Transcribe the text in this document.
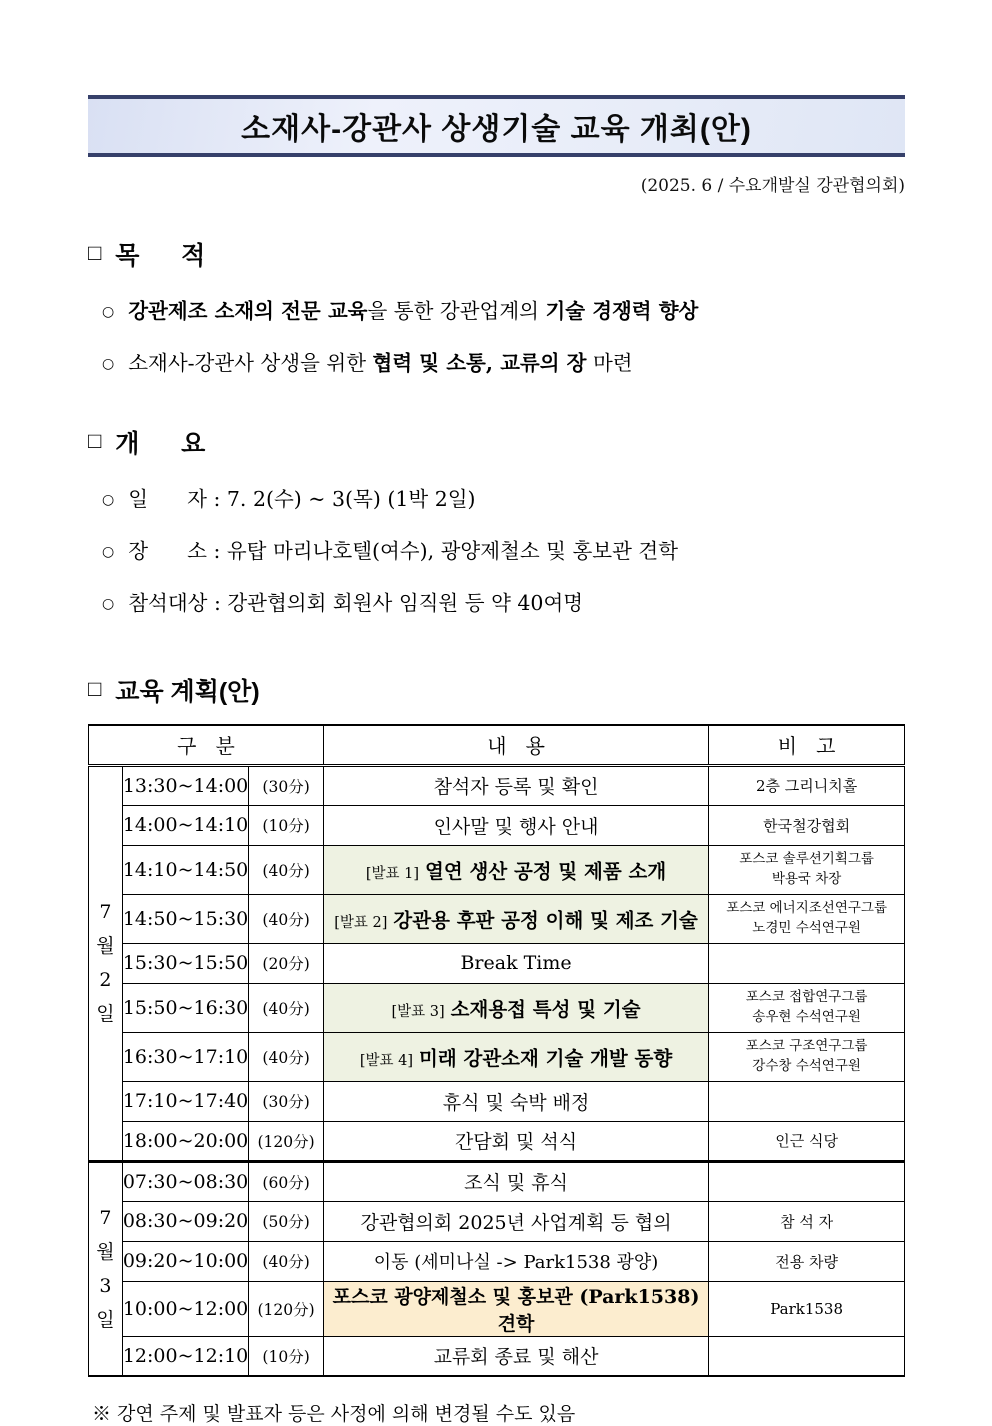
소재사-강관사 상생기술 교육 개최(안)
(2025. 6 / 수요개발실 강관협의회)
□ 목      적
○ 강관제조 소재의 전문 교육을 통한 강관업계의 기술 경쟁력 향상
○ 소재사-강관사 상생을 위한 협력 및 소통, 교류의 장 마련
□ 개      요
○ 일      자 : 7. 2(수) ~ 3(목) (1박 2일)
○ 장      소 : 유탑 마리나호텔(여수), 광양제철소 및 홍보관 견학
○ 참석대상 : 강관협의회 회원사 임직원 등 약 40여명
□ 교육 계획(안)
구   분			내   용	비   고

7
월
2
일	13:30~14:00	(30分)	참석자 등록 및 확인	2층 그리니치홀
	14:00~14:10	(10分)	인사말 및 행사 안내	한국철강협회
	14:10~14:50	(40分)	[발표 1] 열연 생산 공정 및 제품 소개	포스코 솔루션기획그룹
박용국 차장

	14:50~15:30	(40分)	[발표 2] 강관용 후판 공정 이해 및 제조 기술	포스코 에너지조선연구그룹
노경민 수석연구원

	15:30~15:50	(20分)	Break Time	
	15:50~16:30	(40分)	[발표 3] 소재용접 특성 및 기술	포스코 접합연구그룹
송우현 수석연구원

	16:30~17:10	(40分)	[발표 4] 미래 강관소재 기술 개발 동향	포스코 구조연구그룹
강수창 수석연구원

	17:10~17:40	(30分)	휴식 및 숙박 배정	
	18:00~20:00	(120分)	간담회 및 석식	인근 식당

7
월
3
일	07:30~08:30	(60分)	조식 및 휴식	
	08:30~09:20	(50分)	강관협의회 2025년 사업계획 등 협의	참 석 자
	09:20~10:00	(40分)	이동 (세미나실 -> Park1538 광양)	전용 차량
	10:00~12:00	(120分)	포스코 광양제철소 및 홍보관 (Park1538) 견학	Park1538
	12:00~12:10	(10分)	교류회 종료 및 해산	
※ 강연 주제 및 발표자 등은 사정에 의해 변경될 수도 있음
